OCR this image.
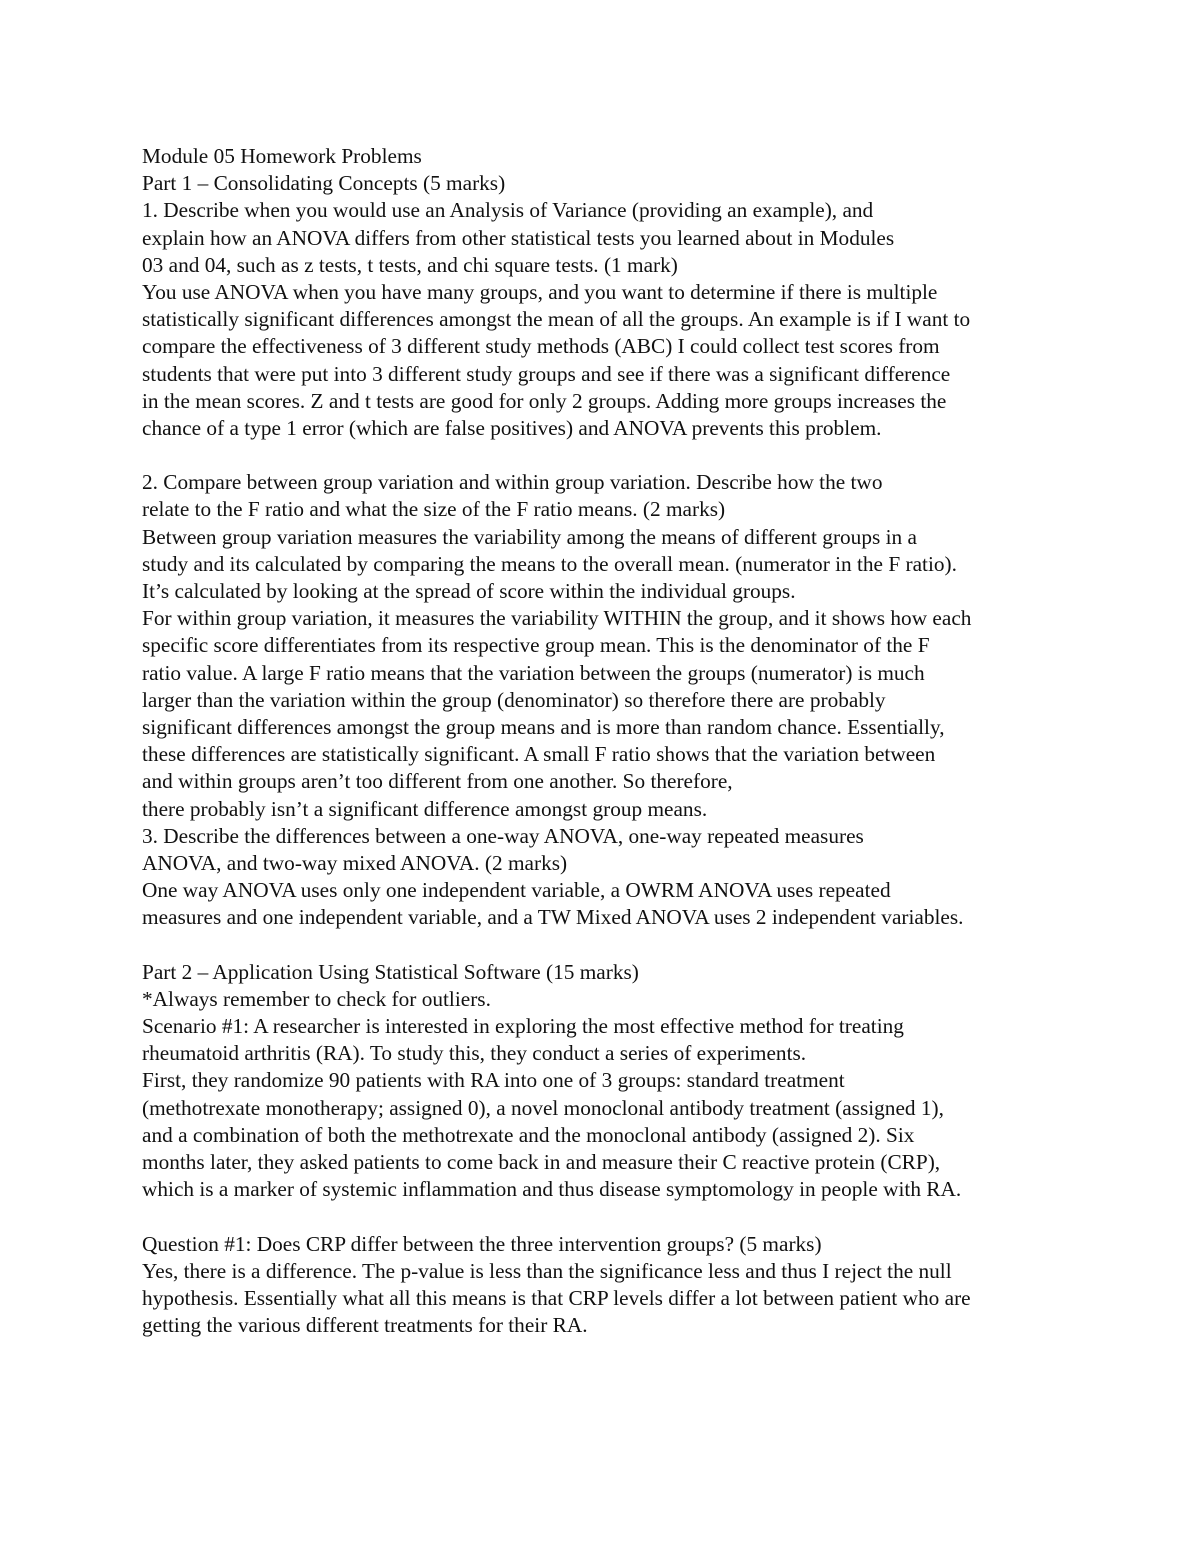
Module 05 Homework Problems
Part 1 – Consolidating Concepts (5 marks)
1. Describe when you would use an Analysis of Variance (providing an example), and
explain how an ANOVA differs from other statistical tests you learned about in Modules
03 and 04, such as z tests, t tests, and chi square tests. (1 mark)
You use ANOVA when you have many groups, and you want to determine if there is multiple
statistically significant differences amongst the mean of all the groups. An example is if I want to
compare the effectiveness of 3 different study methods (ABC) I could collect test scores from
students that were put into 3 different study groups and see if there was a significant difference
in the mean scores. Z and t tests are good for only 2 groups. Adding more groups increases the
chance of a type 1 error (which are false positives) and ANOVA prevents this problem.
2. Compare between group variation and within group variation. Describe how the two
relate to the F ratio and what the size of the F ratio means. (2 marks)
Between group variation measures the variability among the means of different groups in a
study and its calculated by comparing the means to the overall mean. (numerator in the F ratio).
It’s calculated by looking at the spread of score within the individual groups.
For within group variation, it measures the variability WITHIN the group, and it shows how each
specific score differentiates from its respective group mean. This is the denominator of the F
ratio value. A large F ratio means that the variation between the groups (numerator) is much
larger than the variation within the group (denominator) so therefore there are probably
significant differences amongst the group means and is more than random chance. Essentially,
these differences are statistically significant. A small F ratio shows that the variation between
and within groups aren’t too different from one another. So therefore,
there probably isn’t a significant difference amongst group means.
3. Describe the differences between a one-way ANOVA, one-way repeated measures
ANOVA, and two-way mixed ANOVA. (2 marks)
One way ANOVA uses only one independent variable, a OWRM ANOVA uses repeated
measures and one independent variable, and a TW Mixed ANOVA uses 2 independent variables.
Part 2 – Application Using Statistical Software (15 marks)
*Always remember to check for outliers.
Scenario #1: A researcher is interested in exploring the most effective method for treating
rheumatoid arthritis (RA). To study this, they conduct a series of experiments.
First, they randomize 90 patients with RA into one of 3 groups: standard treatment
(methotrexate monotherapy; assigned 0), a novel monoclonal antibody treatment (assigned 1),
and a combination of both the methotrexate and the monoclonal antibody (assigned 2). Six
months later, they asked patients to come back in and measure their C reactive protein (CRP),
which is a marker of systemic inflammation and thus disease symptomology in people with RA.
Question #1: Does CRP differ between the three intervention groups? (5 marks)
Yes, there is a difference. The p-value is less than the significance less and thus I reject the null
hypothesis. Essentially what all this means is that CRP levels differ a lot between patient who are
getting the various different treatments for their RA.
